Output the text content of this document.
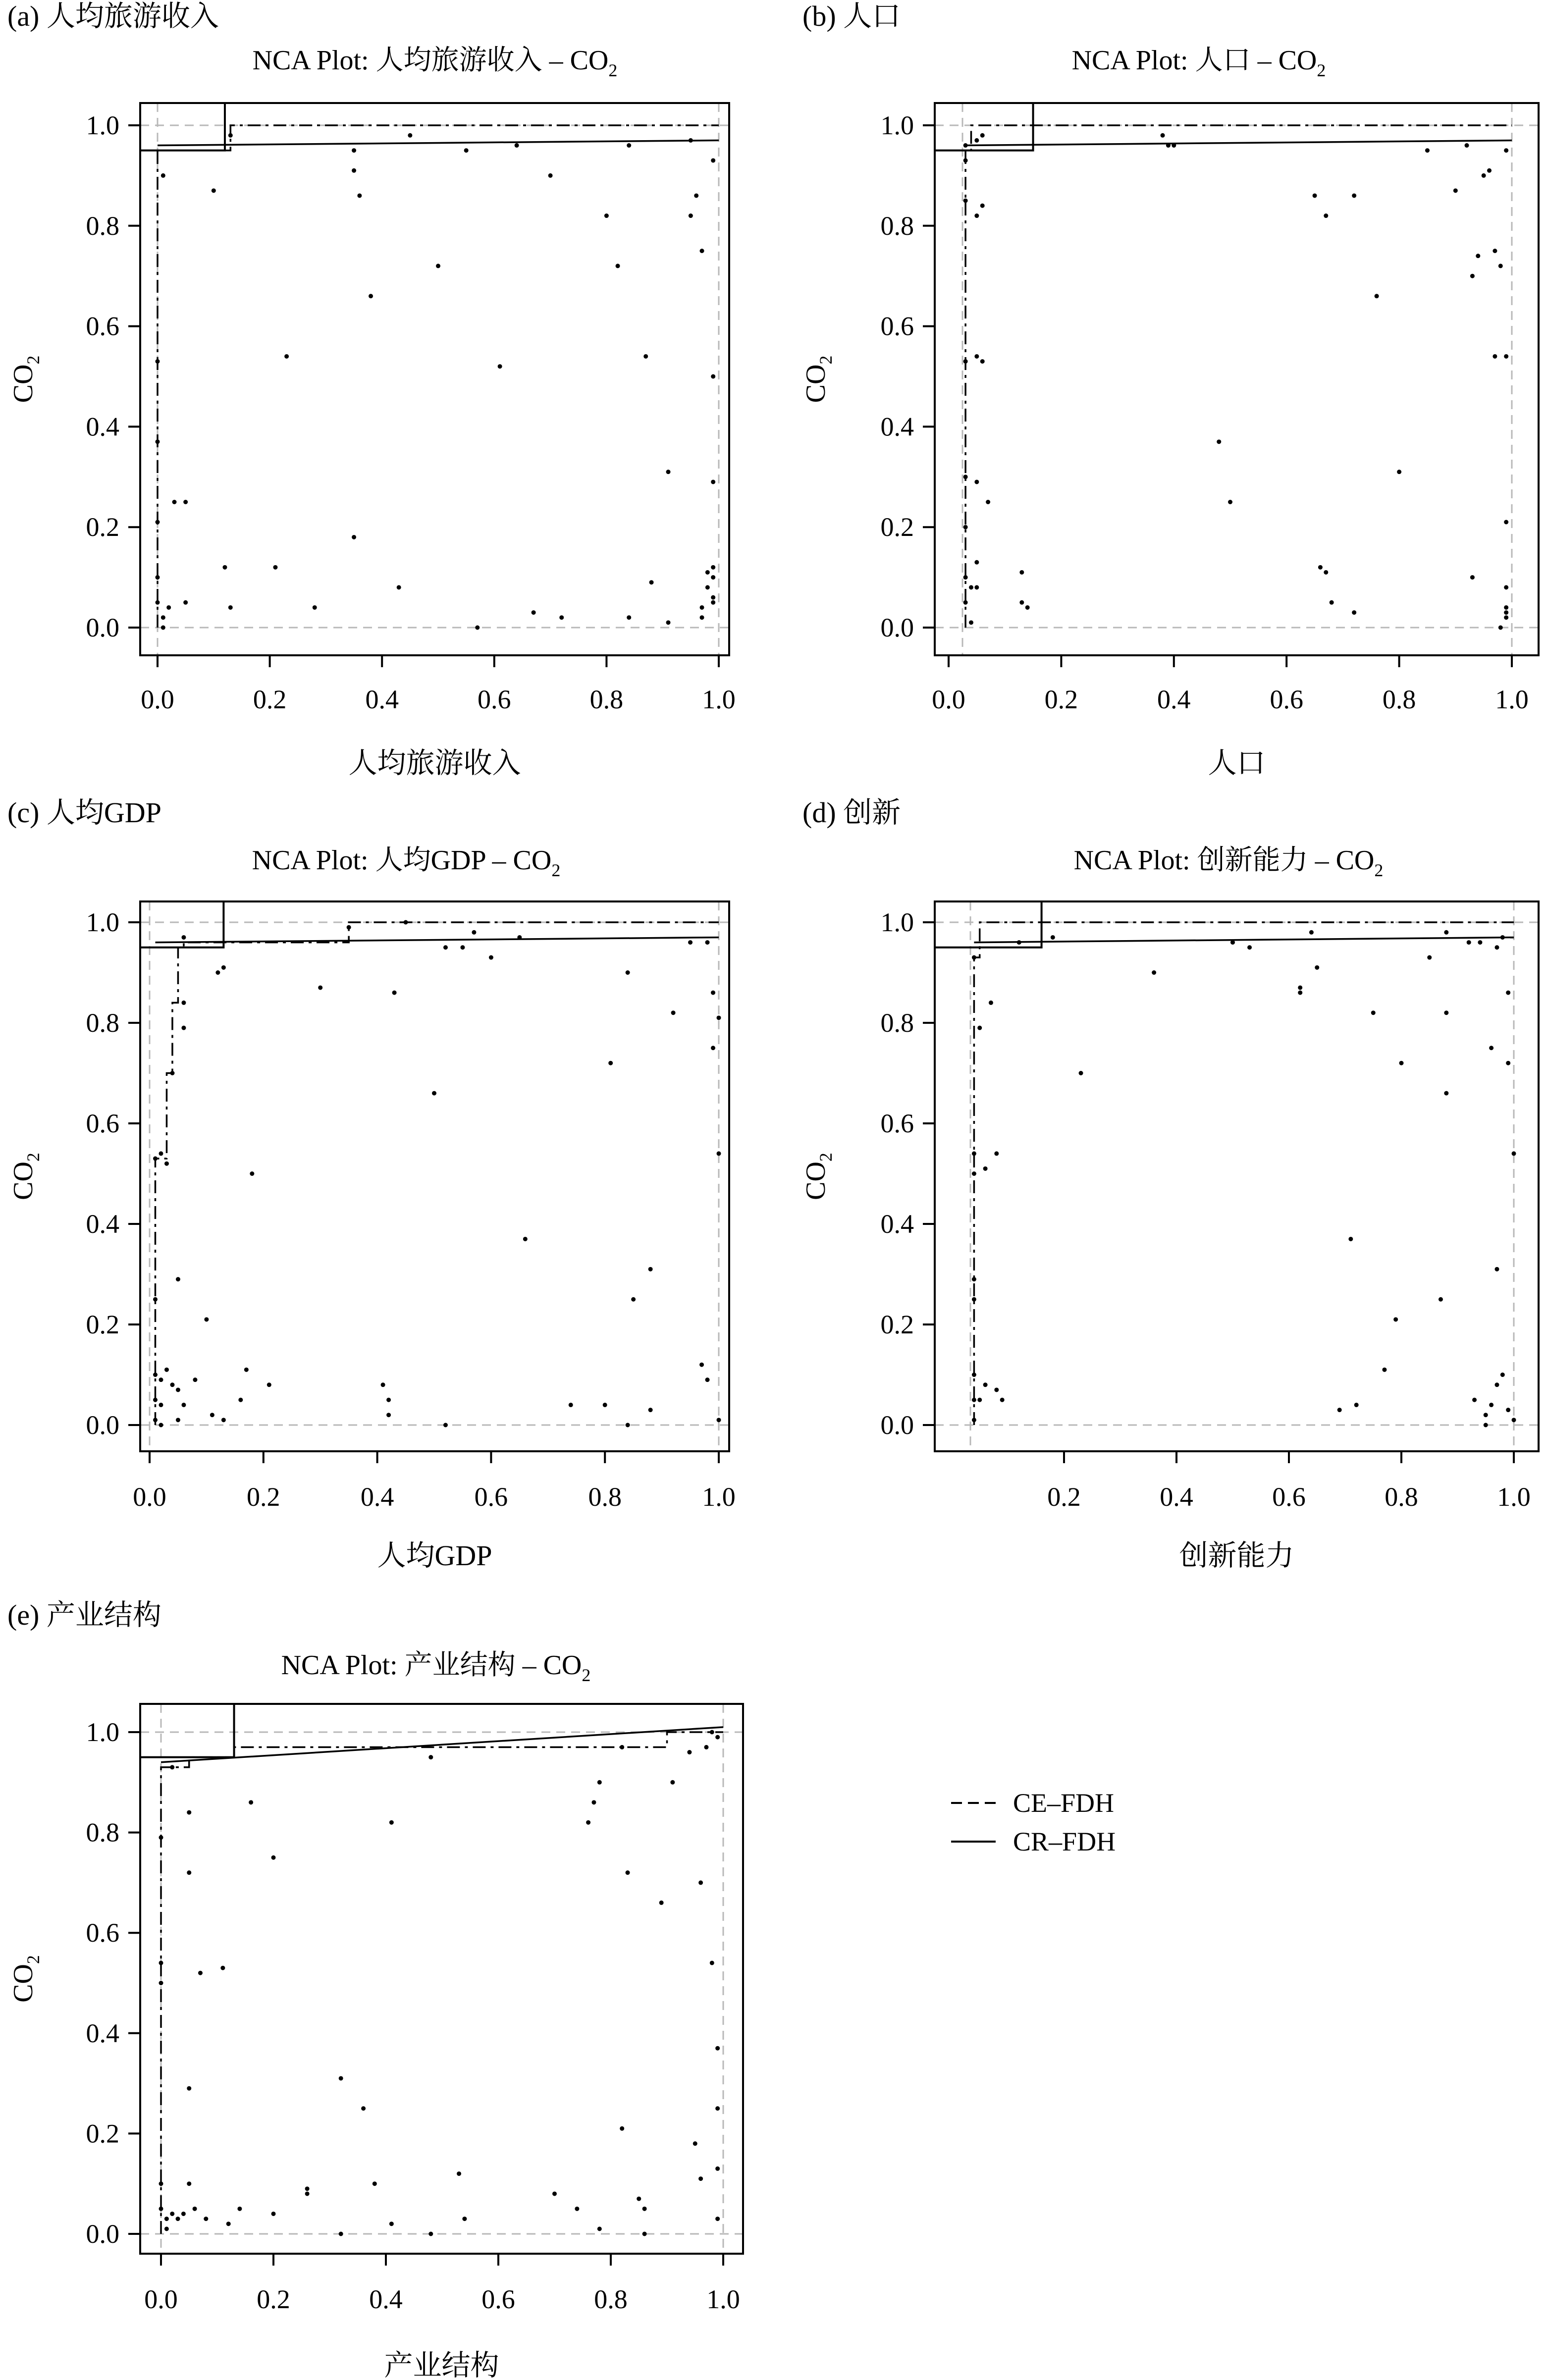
(a) 人均旅游收入
NCA Plot: 人均旅游收入 – $CO_2$
0.0
0.2
0.4
0.6
0.8
1.0
0.0	0.2	0.4	0.6	0.8	1.0
人均旅游收入
$CO_2$
(b) 人口
NCA Plot: 人口 – $CO_2$
0.0
0.2
0.4
0.6
0.8
1.0
0.0	0.2	0.4	0.6	0.8	1.0
人口
$CO_2$
(c) 人均GDP
NCA Plot: 人均GDP – $CO_2$
0.0
0.2
0.4
0.6
0.8
1.0
0.0	0.2	0.4	0.6	0.8	1.0
人均GDP
$CO_2$
(d) 创新
NCA Plot: 创新能力 – $CO_2$
0.0
0.2
0.4
0.6
0.8
1.0
0.2	0.4	0.6	0.8	1.0
创新能力
$CO_2$
(e) 产业结构
NCA Plot: 产业结构 – $CO_2$
0.0
0.2
0.4
0.6
0.8
1.0
0.0	0.2	0.4	0.6	0.8	1.0
产业结构
$CO_2$
CE–FDH
CR–FDH
